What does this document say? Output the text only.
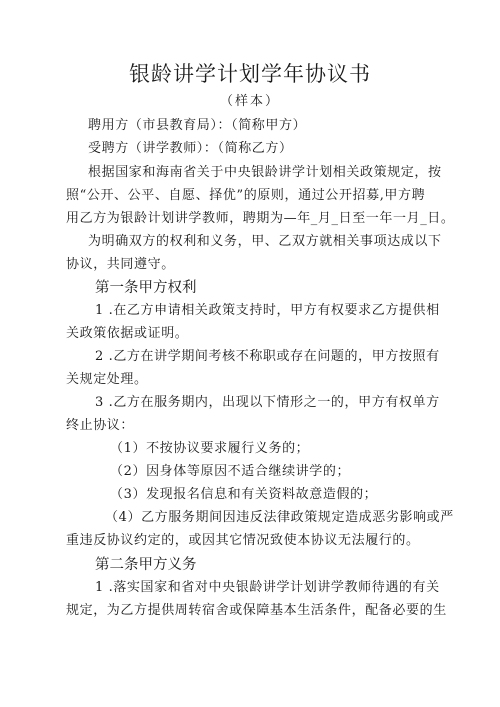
银龄讲学计划学年协议书
（样本）
聘用方（市县教育局）：（简称甲方）
受聘方（讲学教师）：（简称乙方）
根据国家和海南省关于中央银龄讲学计划相关政策规定，按
照“公开、公平、自愿、择优”的原则，通过公开招募,甲方聘
用乙方为银龄计划讲学教师，聘期为—年_月_日至一年一月_日。
为明确双方的权利和义务，甲、乙双方就相关事项达成以下
协议，共同遵守。
第一条甲方权利
1 .在乙方申请相关政策支持时，甲方有权要求乙方提供相
关政策依据或证明。
2 .乙方在讲学期间考核不称职或存在问题的，甲方按照有
关规定处理。
3 .乙方在服务期内，出现以下情形之一的，甲方有权单方
终止协议：
（1）不按协议要求履行义务的；
（2）因身体等原因不适合继续讲学的；
（3）发现报名信息和有关资料故意造假的；
（4）乙方服务期间因违反法律政策规定造成恶劣影响或严
重违反协议约定的，或因其它情况致使本协议无法履行的。
第二条甲方义务
1 .落实国家和省对中央银龄讲学计划讲学教师待遇的有关
规定，为乙方提供周转宿舍或保障基本生活条件，配备必要的生
